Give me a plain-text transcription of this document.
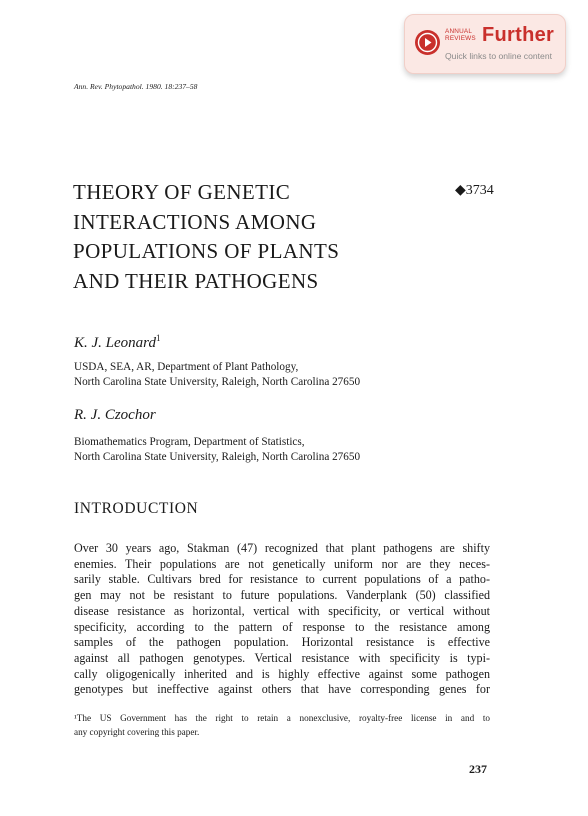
ANNUAL
REVIEWS Further
Quick links to online content
Ann. Rev. Phytopathol. 1980. 18:237–58
THEORY OF GENETIC
INTERACTIONS AMONG
POPULATIONS OF PLANTS
AND THEIR PATHOGENS
◆3734
K. J. Leonard$^1$
USDA, SEA, AR, Department of Plant Pathology,
North Carolina State University, Raleigh, North Carolina 27650
R. J. Czochor
Biomathematics Program, Department of Statistics,
North Carolina State University, Raleigh, North Carolina 27650
INTRODUCTION
Over 30 years ago, Stakman (47) recognized that plant pathogens are shifty
enemies. Their populations are not genetically uniform nor are they neces-
sarily stable. Cultivars bred for resistance to current populations of a patho-
gen may not be resistant to future populations. Vanderplank (50) classified
disease resistance as horizontal, vertical with specificity, or vertical without
specificity, according to the pattern of response to the resistance among
samples of the pathogen population. Horizontal resistance is effective
against all pathogen genotypes. Vertical resistance with specificity is typi-
cally oligogenically inherited and is highly effective against some pathogen
genotypes but ineffective against others that have corresponding genes for
¹The US Government has the right to retain a nonexclusive, royalty-free license in and to
any copyright covering this paper.
237
